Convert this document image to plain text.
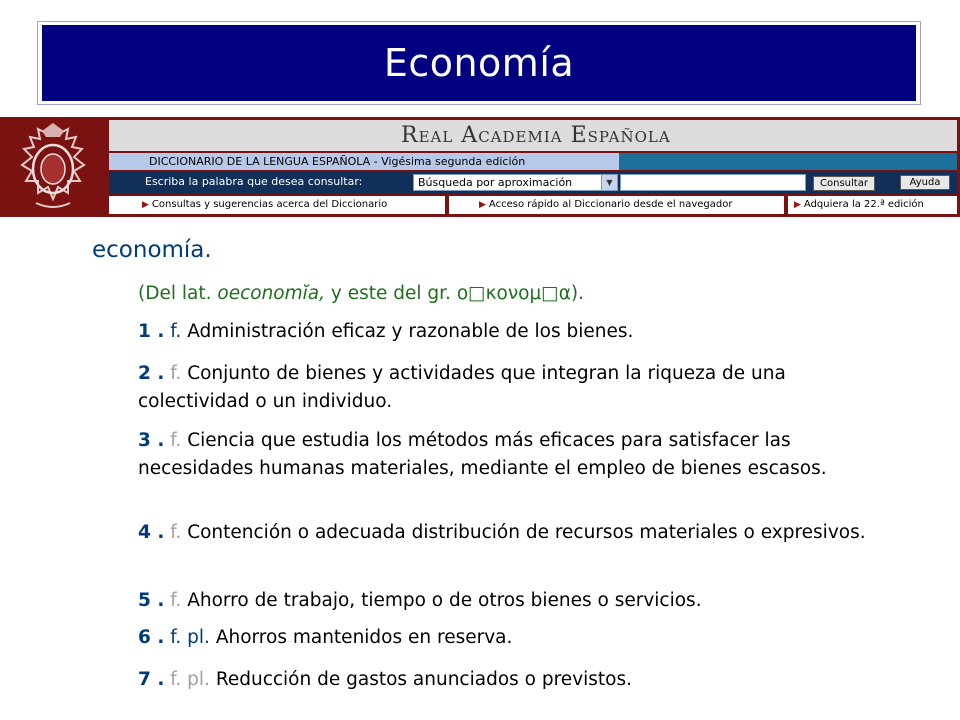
Economía
Real Academia Española
DICCIONARIO DE LA LENGUA ESPAÑOLA - Vigésima segunda edición
Escriba la palabra que desea consultar:	Búsqueda por aproximación	▼	Consultar	Ayuda
▶ Consultas y sugerencias acerca del Diccionario	▶ Acceso rápido al Diccionario desde el navegador	▶ Adquiera la 22.ª edición
economía.
(Del lat. oeconomĭa, y este del gr. ο□κονομ□α).
1 . f. Administración eficaz y razonable de los bienes.
2 . f. Conjunto de bienes y actividades que integran la riqueza de una colectividad o un individuo.
3 . f. Ciencia que estudia los métodos más eficaces para satisfacer las necesidades humanas materiales, mediante el empleo de bienes escasos.
4 . f. Contención o adecuada distribución de recursos materiales o expresivos.
5 . f. Ahorro de trabajo, tiempo o de otros bienes o servicios.
6 . f. pl. Ahorros mantenidos en reserva.
7 . f. pl. Reducción de gastos anunciados o previstos.
